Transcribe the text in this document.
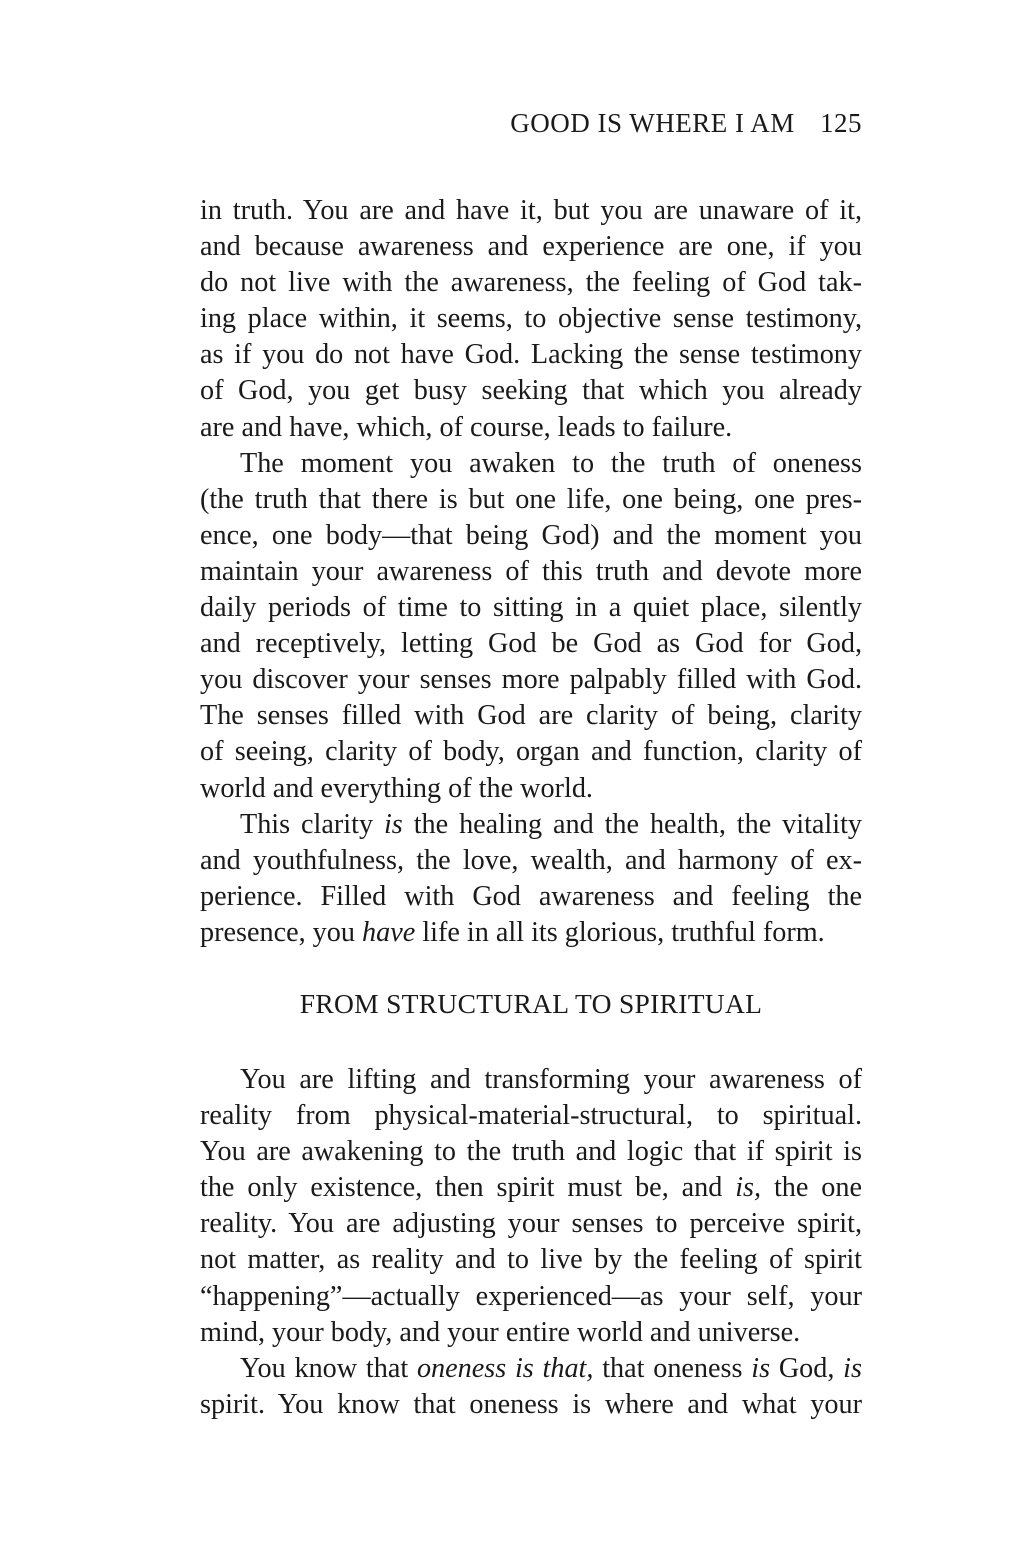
GOOD IS WHERE I AM 125
in truth. You are and have it, but you are unaware of it,
and because awareness and experience are one, if you
do not live with the awareness, the feeling of God tak-
ing place within, it seems, to objective sense testimony,
as if you do not have God. Lacking the sense testimony
of God, you get busy seeking that which you already
are and have, which, of course, leads to failure.
The moment you awaken to the truth of oneness
(the truth that there is but one life, one being, one pres-
ence, one body—that being God) and the moment you
maintain your awareness of this truth and devote more
daily periods of time to sitting in a quiet place, silently
and receptively, letting God be God as God for God,
you discover your senses more palpably filled with God.
The senses filled with God are clarity of being, clarity
of seeing, clarity of body, organ and function, clarity of
world and everything of the world.
This clarity is the healing and the health, the vitality
and youthfulness, the love, wealth, and harmony of ex-
perience. Filled with God awareness and feeling the
presence, you have life in all its glorious, truthful form.
FROM STRUCTURAL TO SPIRITUAL
You are lifting and transforming your awareness of
reality from physical-material-structural, to spiritual.
You are awakening to the truth and logic that if spirit is
the only existence, then spirit must be, and is, the one
reality. You are adjusting your senses to perceive spirit,
not matter, as reality and to live by the feeling of spirit
“happening”—actually experienced—as your self, your
mind, your body, and your entire world and universe.
You know that oneness is that, that oneness is God, is
spirit. You know that oneness is where and what your
